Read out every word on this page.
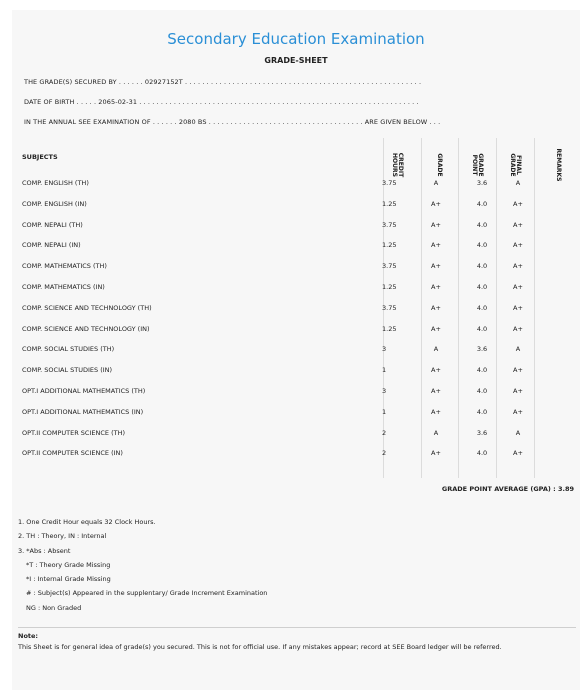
Secondary Education Examination
GRADE-SHEET
THE GRADE(S) SECURED BY . . . . . . 02927152T . . . . . . . . . . . . . . . . . . . . . . . . . . . . . . . . . . . . . . . . . . . . . . . . . . . . . . .
DATE OF BIRTH . . . . . 2065-02-31 . . . . . . . . . . . . . . . . . . . . . . . . . . . . . . . . . . . . . . . . . . . . . . . . . . . . . . . . . . . . . . . . .
IN THE ANNUAL SEE EXAMINATION OF . . . . . . 2080 BS . . . . . . . . . . . . . . . . . . . . . . . . . . . . . . . . . . . . ARE GIVEN BELOW . . .
SUBJECTS	CREDIT HOURS	GRADE	GRADE POINT	FINAL GRADE	REMARKS
COMP. ENGLISH (TH)	3.75	A	3.6	A
COMP. ENGLISH (IN)	1.25	A+	4.0	A+
COMP. NEPALI (TH)	3.75	A+	4.0	A+
COMP. NEPALI (IN)	1.25	A+	4.0	A+
COMP. MATHEMATICS (TH)	3.75	A+	4.0	A+
COMP. MATHEMATICS (IN)	1.25	A+	4.0	A+
COMP. SCIENCE AND TECHNOLOGY (TH)	3.75	A+	4.0	A+
COMP. SCIENCE AND TECHNOLOGY (IN)	1.25	A+	4.0	A+
COMP. SOCIAL STUDIES (TH)	3	A	3.6	A
COMP. SOCIAL STUDIES (IN)	1	A+	4.0	A+
OPT.I ADDITIONAL MATHEMATICS (TH)	3	A+	4.0	A+
OPT.I ADDITIONAL MATHEMATICS (IN)	1	A+	4.0	A+
OPT.II COMPUTER SCIENCE (TH)	2	A	3.6	A
OPT.II COMPUTER SCIENCE (IN)	2	A+	4.0	A+
GRADE POINT AVERAGE (GPA) : 3.89
1. One Credit Hour equals 32 Clock Hours.
2. TH : Theory, IN : Internal
3. *Abs : Absent
*T : Theory Grade Missing
*I : Internal Grade Missing
# : Subject(s) Appeared in the supplentary/ Grade Increment Examination
NG : Non Graded
Note:
This Sheet is for general idea of grade(s) you secured. This is not for official use. If any mistakes appear; record at SEE Board ledger will be referred.
